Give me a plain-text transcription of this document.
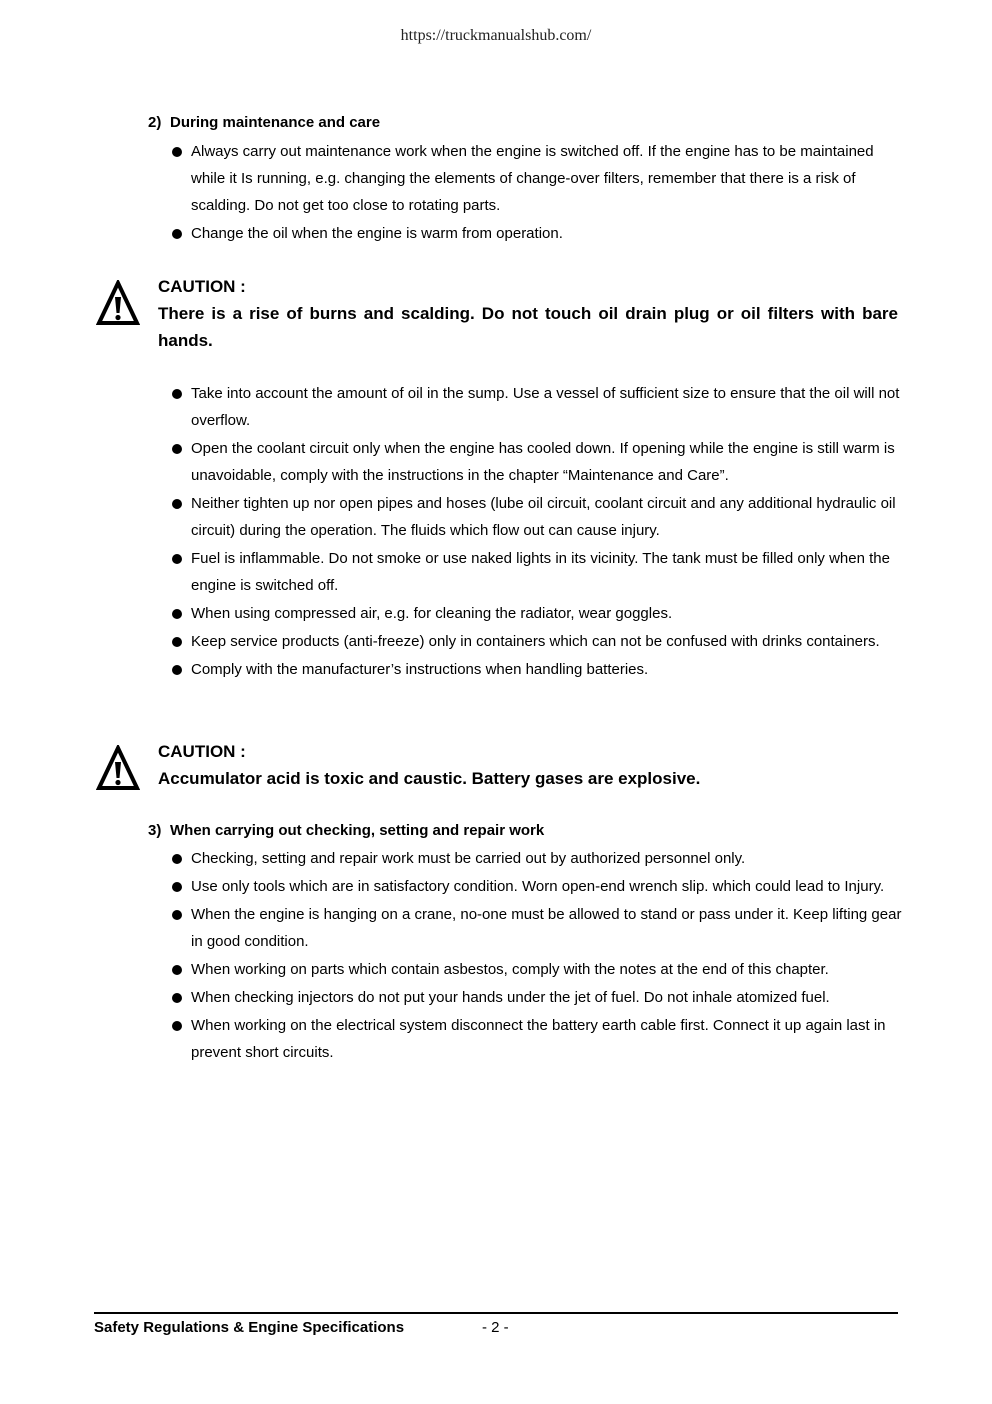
https://truckmanualshub.com/
2) During maintenance and care
Always carry out maintenance work when the engine is switched off. If the engine has to be maintained while it Is running, e.g. changing the elements of change-over filters, remember that there is a risk of scalding. Do not get too close to rotating parts.
Change the oil when the engine is warm from operation.
CAUTION :
There is a rise of burns and scalding. Do not touch oil drain plug or oil filters with bare hands.
Take into account the amount of oil in the sump. Use a vessel of sufficient size to ensure that the oil will not overflow.
Open the coolant circuit only when the engine has cooled down. If opening while the engine is still warm is unavoidable, comply with the instructions in the chapter “Maintenance and Care”.
Neither tighten up nor open pipes and hoses (lube oil circuit, coolant circuit and any additional hydraulic oil circuit) during the operation. The fluids which flow out can cause injury.
Fuel is inflammable. Do not smoke or use naked lights in its vicinity. The tank must be filled only when the engine is switched off.
When using compressed air, e.g. for cleaning the radiator, wear goggles.
Keep service products (anti-freeze) only in containers which can not be confused with drinks containers.
Comply with the manufacturer’s instructions when handling batteries.
CAUTION :
Accumulator acid is toxic and caustic. Battery gases are explosive.
3) When carrying out checking, setting and repair work
Checking, setting and repair work must be carried out by authorized personnel only.
Use only tools which are in satisfactory condition. Worn open-end wrench slip. which could lead to Injury.
When the engine is hanging on a crane, no-one must be allowed to stand or pass under it. Keep lifting gear in good condition.
When working on parts which contain asbestos, comply with the notes at the end of this chapter.
When checking injectors do not put your hands under the jet of fuel. Do not inhale atomized fuel.
When working on the electrical system disconnect the battery earth cable first. Connect it up again last in prevent short circuits.
Safety Regulations & Engine Specifications	- 2 -
